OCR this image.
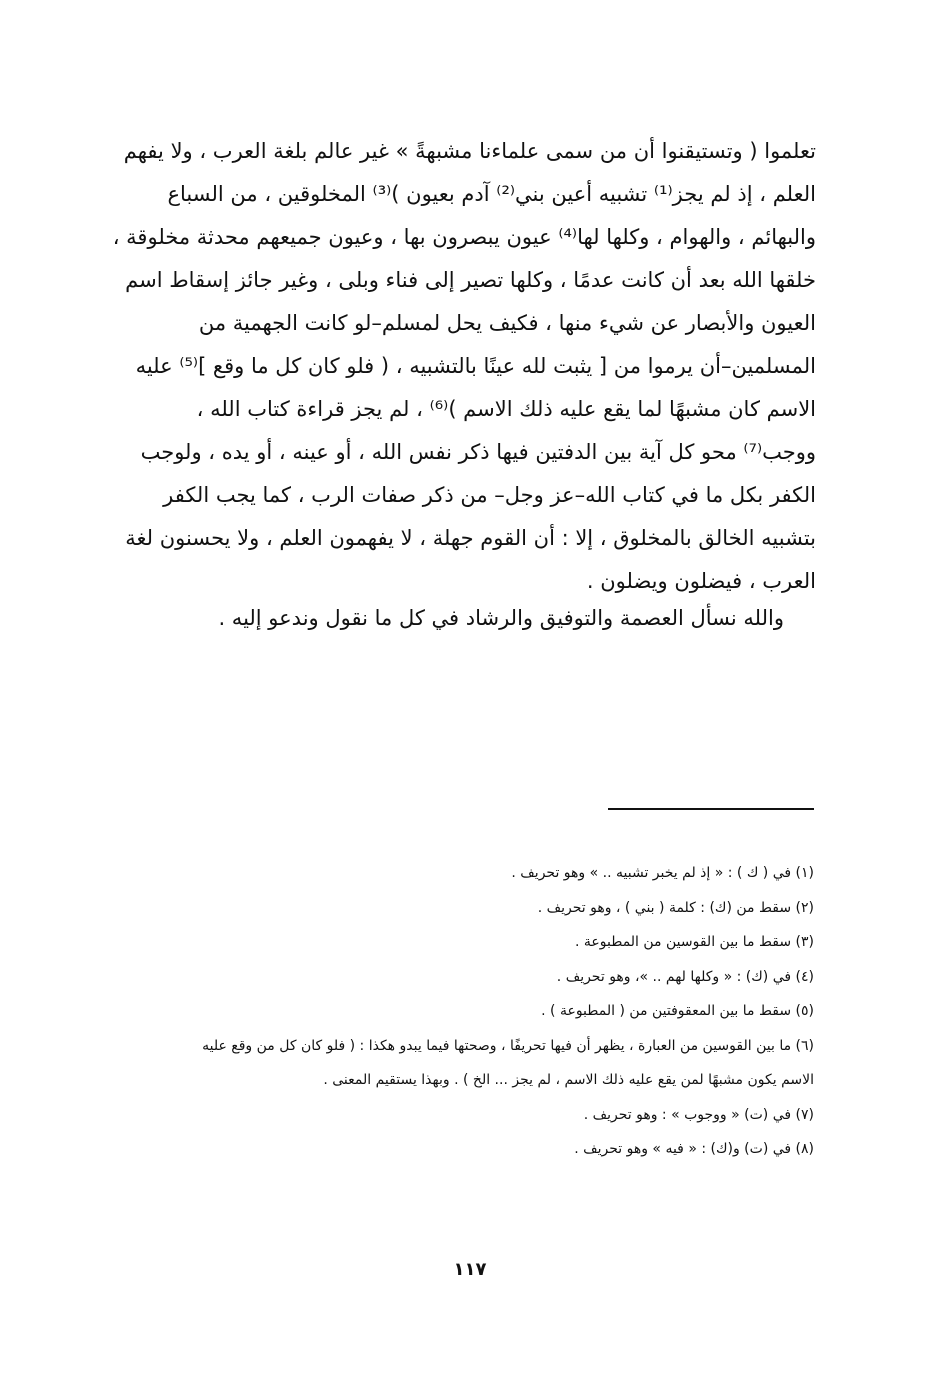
تعلموا ( وتستيقنوا أن من سمى علماءنا مشبهةً » غير عالم بلغة العرب ، ولا يفهم
العلم ، إذ لم يجز⁽¹⁾ تشبيه أعين بني⁽²⁾ آدم بعيون )⁽³⁾ المخلوقين ، من السباع
والبهائم ، والهوام ، وكلها لها⁽⁴⁾ عيون يبصرون بها ، وعيون جميعهم محدثة مخلوقة ،
خلقها الله بعد أن كانت عدمًا ، وكلها تصير إلى فناء وبلى ، وغير جائز إسقاط اسم
العيون والأبصار عن شيء منها ، فكيف يحل لمسلم–لو كانت الجهمية من
المسلمين–أن يرموا من [ يثبت لله عينًا بالتشبيه ، ( فلو كان كل ما وقع ]⁽⁵⁾ عليه
الاسم كان مشبهًا لما يقع عليه ذلك الاسم )⁽⁶⁾ ، لم يجز قراءة كتاب الله ،
ووجب⁽⁷⁾ محو كل آية بين الدفتين فيها ذكر نفس الله ، أو عينه ، أو يده ، ولوجب
الكفر بكل ما في كتاب الله–عز وجل– من ذكر صفات الرب ، كما يجب الكفر
بتشبيه الخالق بالمخلوق ، إلا : أن القوم جهلة ، لا يفهمون العلم ، ولا يحسنون لغة
العرب ، فيضلون ويضلون .
والله نسأل العصمة والتوفيق والرشاد في كل ما نقول وندعو إليه .
(١) في ( ك ) : « إذ لم يخبر تشبيه .. » وهو تحريف .
(٢) سقط من (ك) : كلمة ( بني ) ، وهو تحريف .
(٣) سقط ما بين القوسين من المطبوعة .
(٤) في (ك) : « وكلها لهم .. »، وهو تحريف .
(٥) سقط ما بين المعقوفتين من ( المطبوعة ) .
(٦) ما بين القوسين من العبارة ، يظهر أن فيها تحريفًا ، وصحتها فيما يبدو هكذا : ( فلو كان كل من وقع عليه
الاسم يكون مشبهًا لمن يقع عليه ذلك الاسم ، لم يجز ... الخ ) . وبهذا يستقيم المعنى .
(٧) في (ت) « ووجوب » : وهو تحريف .
(٨) في (ت) و(ك) : « فيه » وهو تحريف .
١١٧
